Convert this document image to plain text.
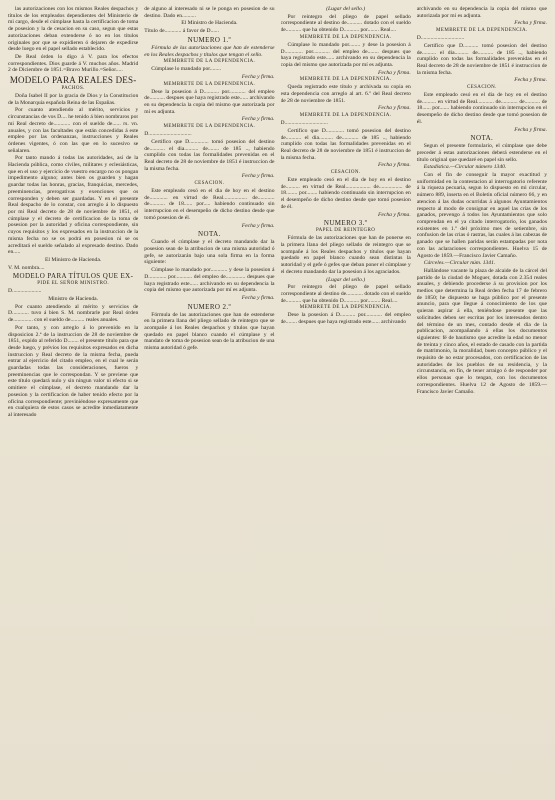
las autorizaciones con los mismos Reales despachos y títulos de los empleados dependientes del Ministerio de mi cargo, desde el cúmplase hasta la certificacion de toma de posesion y la de cesacion en su caso, segun que estas autorizaciones deban extenderse ó no en los títulos originales por que se expidieren ó dejaren de expedirse desde luego en el papel sellado establecido.

De Real órden lo digo á V. para los efectos correspondientes. Dios guarde á V. muchos años. Madrid 2 de Diciembre de 1851.=Bravo Murillo.=Señor.....

MODELO PARA REALES DES-

PACHOS.

Doña Isabel II por la gracia de Dios y la Constitucion de la Monarquía española Reina de las Españas.

Por cuanto atendiendo al mérito, servicios y circunstancias de vos D.... he tenido á bien nombraros por mi Real decreto de............ con el sueldo de...... rs. vn. anuales, y con las facultades que están concedidas á este empleo por las ordenanzas, instrucciones y Reales órdenes vigentes, ó con las que en lo sucesivo se señalaren.

Por tanto mando á todas las autoridades, así de la Hacienda pública, como civiles, militares y eclesiásticas, que en el uso y ejercicio de vuestro encargo no os pongan impedimento alguno; antes bien os guarden y hagan guardar todas las honras, gracias, franquicias, mercedes, preeminencias, prerogativas y exenciones que os corresponden y deben ser guardadas. Y en el presente Real despacho de lo constar, con arreglo á lo dispuesto por mi Real decreto de 28 de noviembre de 1851, el cúmplase y el decreto de certificacion de la toma de posesion por la autoridad y oficina correspondiente, sin cuyos requisitos y los expresados en la instruccion de la misma fecha no se os podrá en posesion ni se os acreditará el sueldo señalado al expresado destino. Dado en.....

El Ministro de Hacienda.

V. M. nombra....

MODELO PARA TÍTULOS QUE EX-

PIDE EL SEÑOR MINISTRO.

D.....................

Ministro de Hacienda.

Por cuanto atendiendo al mérito y servicios de D............ tuvo á bien S. M. nombrarle por Real órden de.............. con el sueldo de.......... reales anuales.

Por tanto, y con arreglo á lo prevenido en la disposicion 2.ª de la instruccion de 28 de noviembre de 1851, expido al referido D........ el presente título para que desde luego, y prévios los requisitos expresados en dicha instruccion y Real decreto de la misma fecha, pueda entrar al ejercicio del citado empleo, en el cual le serán guardadas todas las consideraciones, fueros y preeminencias que le correspondan. Y se previene que este título quedará nulo y sin ningun valor ni efecto si se omitiere el cúmplase, el decreto mandando dar la posesion y la certificacion de haber tenido efecto por la oficina correspondiente; previniéndose expresamente que en cualquiera de estos casos se acredite inmediatamente al interesado

de alguno al interesado ni se le ponga en posesion de su destino. Dado en..........

El Ministro de Hacienda.

Título de............ á favor de D......

NUMERO 1.º

Fórmula de las autorizaciones que han de estenderse en los Reales despachos y títulos que tengan el sello.

MEMBRETE DE LA DEPENDENCIA.

Cúmplase lo mandado por........

Fecha y firma.

MEMBRETE DE LA DEPENDENCIA.

Dese la posesion á D........... por............ del empleo de........... despues que haya registrado este...... archivando en su dependencia la copia del mismo que autorizada por mí es adjunta.

Fecha y firma.

MEMBRETE DE LA DEPENDENCIA.

D...............................

Certifico que D.............. tomó posesion del destino de........... el dia.......... de........ de 185 .., habiendo cumplido con todas las formalidades prevenidas en el Real decreto de 28 de noviembre de 1851 é instruccion de la misma fecha.

Fecha y firma.

CESACION.

Este empleado cesó en el dia de hoy en el destino de............. en virtud de Real................. de............ de........... de 18...... por..... habiendo continuado sin interrupcion en el desempeño de dicho destino desde que tomó posesion de él.

Fecha y firma.

NOTA.

Cuando el cúmplase y el decreto mandando dar la posesion sean de la atribucion de una misma autoridad ó gefe, se autorizarán bajo una sola firma en la forma siguiente:

Cúmplase lo mandado por............ y dese la posesion á D............. por............ del empleo de.............. despues que haya registrado este...... archivando en su dependencia la copia del mismo que autorizada por mí es adjunta.

Fecha y firma.

NUMERO 2.º

Fórmula de las autorizaciones que han de estenderse en la primera llana del pliego sellado de reintegro que se acompañe á los Reales despachos y títulos que hayan quedado en papel blanco cuando el cúmplase y el mandato de toma de posesion sean de la atribucion de una misma autoridad ó gefe.

(Lugar del sello.)

Por reintegro del pliego de papel sellado correspondiente al destino de........... dotado con el sueldo de........... que ha obtenido D........... por........ Real....

MEMBRETE DE LA DEPENDENCIA.

Cúmplase lo mandado por........ y dese la posesion á D............. por............ del empleo de........ despues que haya registrado este...... archivando en su dependencia la copia del mismo que autorizada por mí es adjunta.

Fecha y firma.

MEMBRETE DE LA DEPENDENCIA.

Queda registrado este título y archivada su copia en esta dependencia con arreglo al art. 6.º del Real decreto de 28 de noviembre de 1851.

Fecha y firma.

MEMBRETE DE LA DEPENDENCIA.

D...............................

Certifico que D............. tomó posesion del destino de........... el dia.......... de............ de 185 .., habiendo cumplido con todas las formalidades prevenidas en el Real decreto de 28 de noviembre de 1851 é instruccion de la misma fecha.

Fecha y firma.

CESACION.

Este empleado cesó en el dia de hoy en el destino de.......... en virtud de Real.................. de................. de 18........ por........ habiendo continuado sin interrupcion en el desempeño de dicho destino desde que tomó posesion de él.

Fecha y firma.

NUMERO 3.º

PAPEL DE REINTEGRO

Fórmula de las autorizaciones que han de ponerse en la primera llana del pliego sellado de reintegro que se acompañe á los Reales despachos y títulos que hayan quedado en papel blanco cuando sean distintas la autoridad y el gefe ó gefes que deban poner el cúmplase y el decreto mandando dar la posesion á los agraciados.

(Lugar del sello.)

Por reintegro del pliego de papel sellado correspondiente al destino de............ dotado con el sueldo de........... que ha obtenido D........... por......... Real....

MEMBRETE DE LA DEPENDENCIA.

Dese la posesion á D........... por............ del empleo de........ despues que haya registrado este...... archivando

archivando en su dependencia la copia del mismo que autorizada por mí es adjunta.

Fecha y firma.

MEMBRETE DE LA DEPENDENCIA.

D...............................

Certifico que D........... tomó posesion del destino de.......... el dia.......... de........... de 185 .., habiendo cumplido con todas las formalidades prevenidas en el Real decreto de 28 de noviembre de 1851 é instruccion de la misma fecha.

Fecha y firma.

CESACION.

Este empleado cesó en el dia de hoy en el destino de.......... en virtud de Real............ de............ de........... de 18...... por....... habiendo continuado sin interrupcion en el desempeño de dicho destino desde que tomó posesion de él.

Fecha y firma.

NOTA.

Segun el presente formulario, el cúmplase que debe preceder á estas autorizaciones deberá estenderse en el título original que quedaré en papel sin sello.

Estadística.—Circular número 1340.

Con el fin de conseguir la mayor exactitud y uniformidad en la contestacion al interrogatorio referente á la riqueza pecuaria, segun lo dispuesto en mi circular, número 889, inserta en el Boletin oficial número 66, y en atencion á las dudas ocurridas á algunos Ayuntamientos respecto al modo de consignar en aquel las crias de los ganados, prevengo á todos los Ayuntamientos que solo comprendan en el ya citado interrogatorio, los ganados existentes en 1.º del próximo mes de setiembre, sin confusion de las crias ó rastras, las cuales á las cabezas de ganado que se hallen paridas serán estampadas por nota con las aclaraciones correspondientes. Huelva 15 de Agosto de 1859.—Francisco Javier Camaño.

Cárceles.—Circular núm. 1341.

Hallándose vacante la plaza de alcaide de la cárcel del partido de la ciudad de Moguer, dotada con 2.354 reales anuales, y debiendo procederse á su provision por los medios que determina la Real órden fecha 17 de febrero de 1850; he dispuesto se haga público por el presente anuncio, para que llegue á conocimiento de los que quieran aspirar á ella, teniéndose presente que las solicitudes deben ser escritas por los interesados dentro del término de un mes, contado desde el dia de la publicacion, acompañando á ellas los documentos siguientes: fé de bautismo que acredite la edad no menor de treinta y cinco años, el estado de casado con la partida de matrimonio, la moralidad, buen concepto público y el requisito de no estar procesados, con certificacion de las autoridades de los pueblos de su residencia, y la circunstancia, en fin, de tener arraigo ó de responder por ellos personas que lo tengan, con los documentos correspondientes. Huelva 12 de Agosto de 1859.—Francisco Javier Camaño.
